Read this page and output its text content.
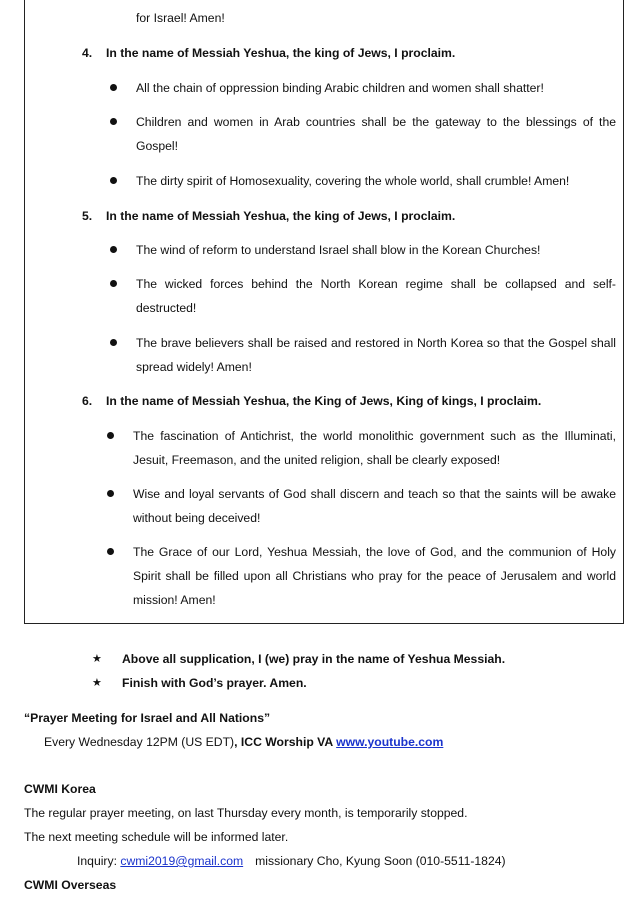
for Israel! Amen!
4. In the name of Messiah Yeshua, the king of Jews, I proclaim.
All the chain of oppression binding Arabic children and women shall shatter!
Children and women in Arab countries shall be the gateway to the blessings of the Gospel!
The dirty spirit of Homosexuality, covering the whole world, shall crumble! Amen!
5. In the name of Messiah Yeshua, the king of Jews, I proclaim.
The wind of reform to understand Israel shall blow in the Korean Churches!
The wicked forces behind the North Korean regime shall be collapsed and self-destructed!
The brave believers shall be raised and restored in North Korea so that the Gospel shall spread widely! Amen!
6. In the name of Messiah Yeshua, the King of Jews, King of kings, I proclaim.
The fascination of Antichrist, the world monolithic government such as the Illuminati, Jesuit, Freemason, and the united religion, shall be clearly exposed!
Wise and loyal servants of God shall discern and teach so that the saints will be awake without being deceived!
The Grace of our Lord, Yeshua Messiah, the love of God, and the communion of Holy Spirit shall be filled upon all Christians who pray for the peace of Jerusalem and world mission! Amen!
★ Above all supplication, I (we) pray in the name of Yeshua Messiah.
★ Finish with God’s prayer. Amen.
“Prayer Meeting for Israel and All Nations”
Every Wednesday 12PM (US EDT), ICC Worship VA www.youtube.com
CWMI Korea
The regular prayer meeting, on last Thursday every month, is temporarily stopped.
The next meeting schedule will be informed later.
Inquiry: cwmi2019@gmail.com missionary Cho, Kyung Soon (010-5511-1824)
CWMI Overseas
